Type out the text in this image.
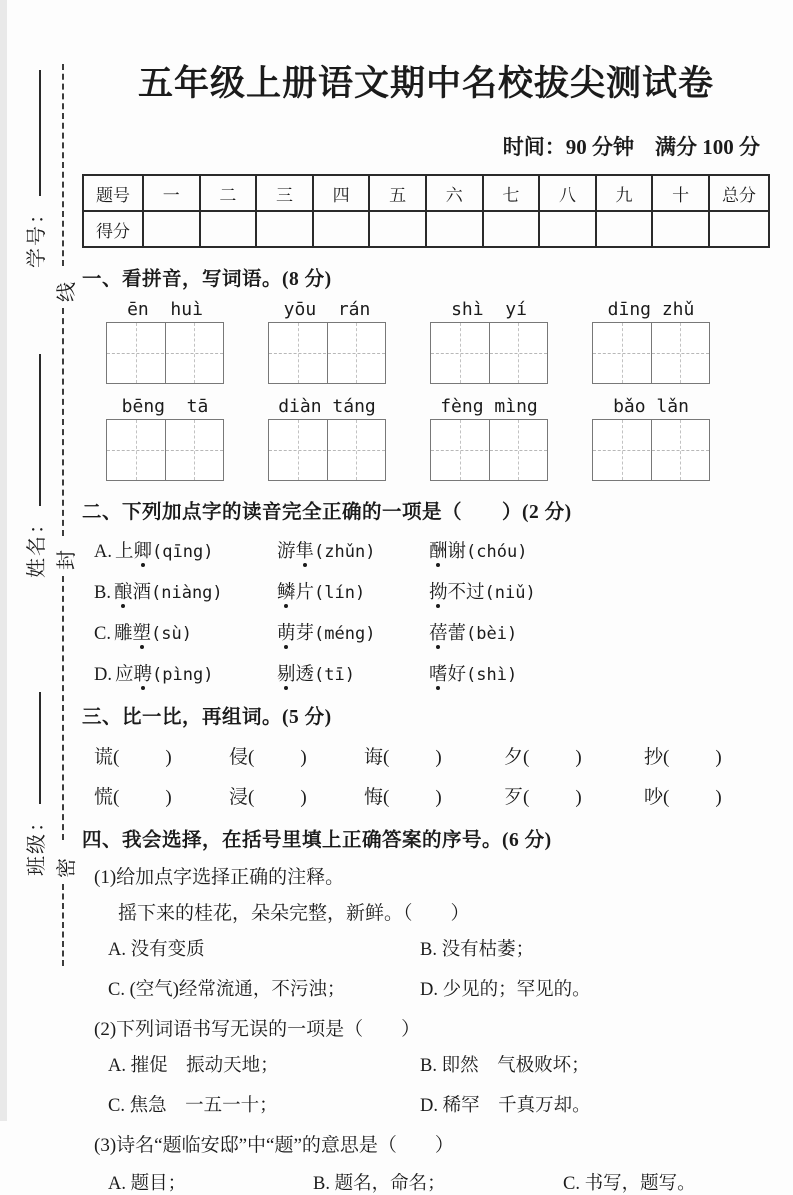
学号：
姓名：
班级：
线
封
密
五年级上册语文期中名校拔尖测试卷
时间：90 分钟　满分 100 分
题号	一	二	三	四	五	六	七	八	九	十	总分
得分											
一、看拼音，写词语。(8 分)
ēn  huì	yōu  rán	shì  yí	dīng zhǔ
bēng  tā	diàn táng	fèng mìng	bǎo lǎn
二、下列加点字的读音完全正确的一项是（　　）(2 分)
A. 上卿(qīng)	游隼(zhǔn)	酬谢(chóu)
B. 酿酒(niàng)	鳞片(lín)	拗不过(niǔ)
C. 雕塑(sù)	萌芽(méng)	蓓蕾(bèi)
D. 应聘(pìng)	剔透(tī)	嗜好(shì)
三、比一比，再组词。(5 分)
谎( )	侵( )	诲( )	夕( )	抄( )
慌( )	浸( )	悔( )	歹( )	吵( )
四、我会选择，在括号里填上正确答案的序号。(6 分)
(1)给加点字选择正确的注释。
摇下来的桂花，朵朵完整，新鲜。（　　）
A. 没有变质	B. 没有枯萎；
C. (空气)经常流通，不污浊；	D. 少见的；罕见的。
(2)下列词语书写无误的一项是（　　）
A. 摧促　振动天地；	B. 即然　气极败坏；
C. 焦急　一五一十；	D. 稀罕　千真万却。
(3)诗名“题临安邸”中“题”的意思是（　　）
A. 题目；	B. 题名，命名；	C. 书写，题写。
